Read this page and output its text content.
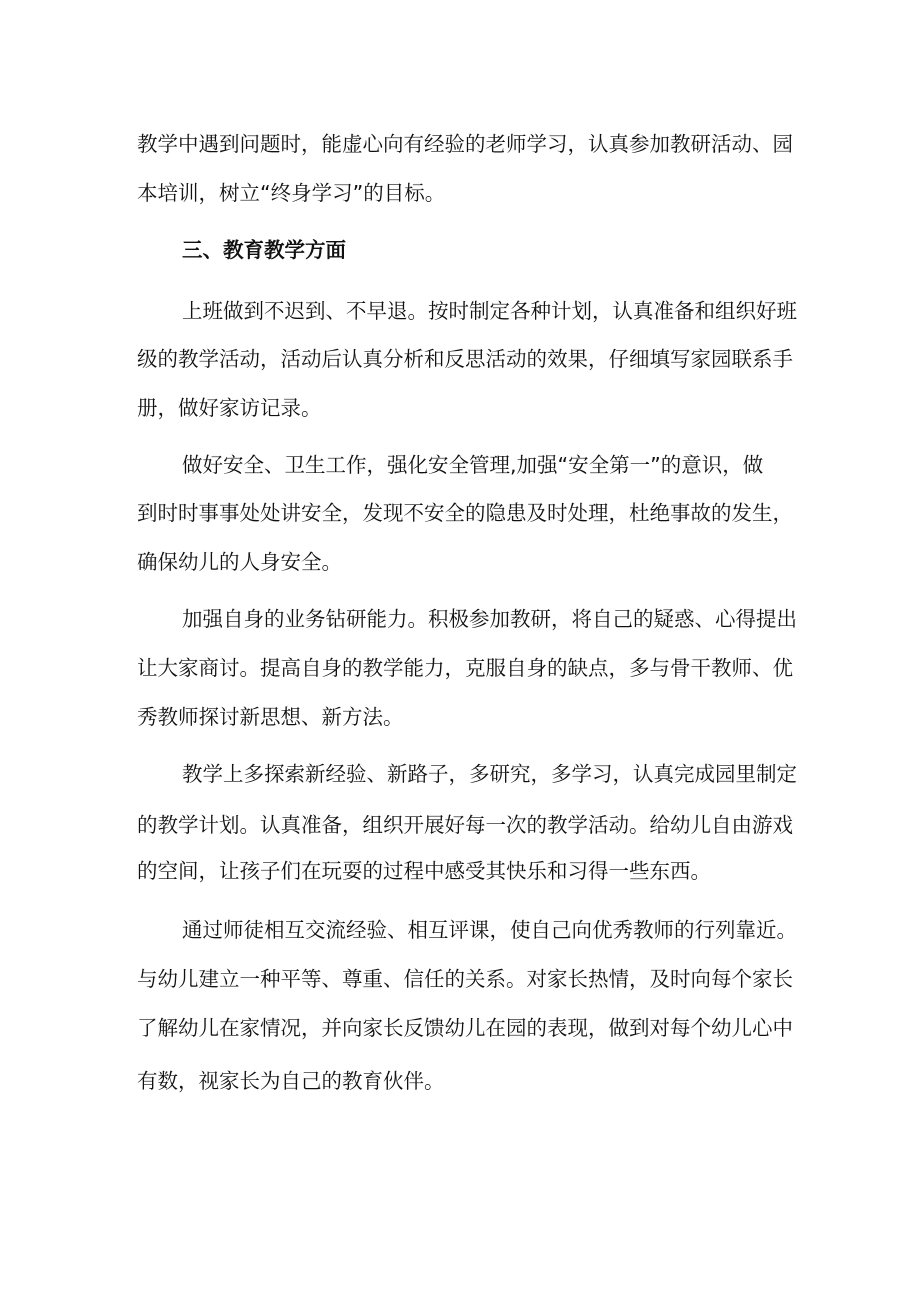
教学中遇到问题时，能虚心向有经验的老师学习，认真参加教研活动、园
本培训，树立“终身学习”的目标。
三、教育教学方面
上班做到不迟到、不早退。按时制定各种计划，认真准备和组织好班
级的教学活动，活动后认真分析和反思活动的效果，仔细填写家园联系手
册，做好家访记录。
做好安全、卫生工作，强化安全管理,加强“安全第一”的意识，做
到时时事事处处讲安全，发现不安全的隐患及时处理，杜绝事故的发生，
确保幼儿的人身安全。
加强自身的业务钻研能力。积极参加教研，将自己的疑惑、心得提出
让大家商讨。提高自身的教学能力，克服自身的缺点，多与骨干教师、优
秀教师探讨新思想、新方法。
教学上多探索新经验、新路子，多研究，多学习，认真完成园里制定
的教学计划。认真准备，组织开展好每一次的教学活动。给幼儿自由游戏
的空间，让孩子们在玩耍的过程中感受其快乐和习得一些东西。
通过师徒相互交流经验、相互评课，使自己向优秀教师的行列靠近。
与幼儿建立一种平等、尊重、信任的关系。对家长热情，及时向每个家长
了解幼儿在家情况，并向家长反馈幼儿在园的表现，做到对每个幼儿心中
有数，视家长为自己的教育伙伴。
